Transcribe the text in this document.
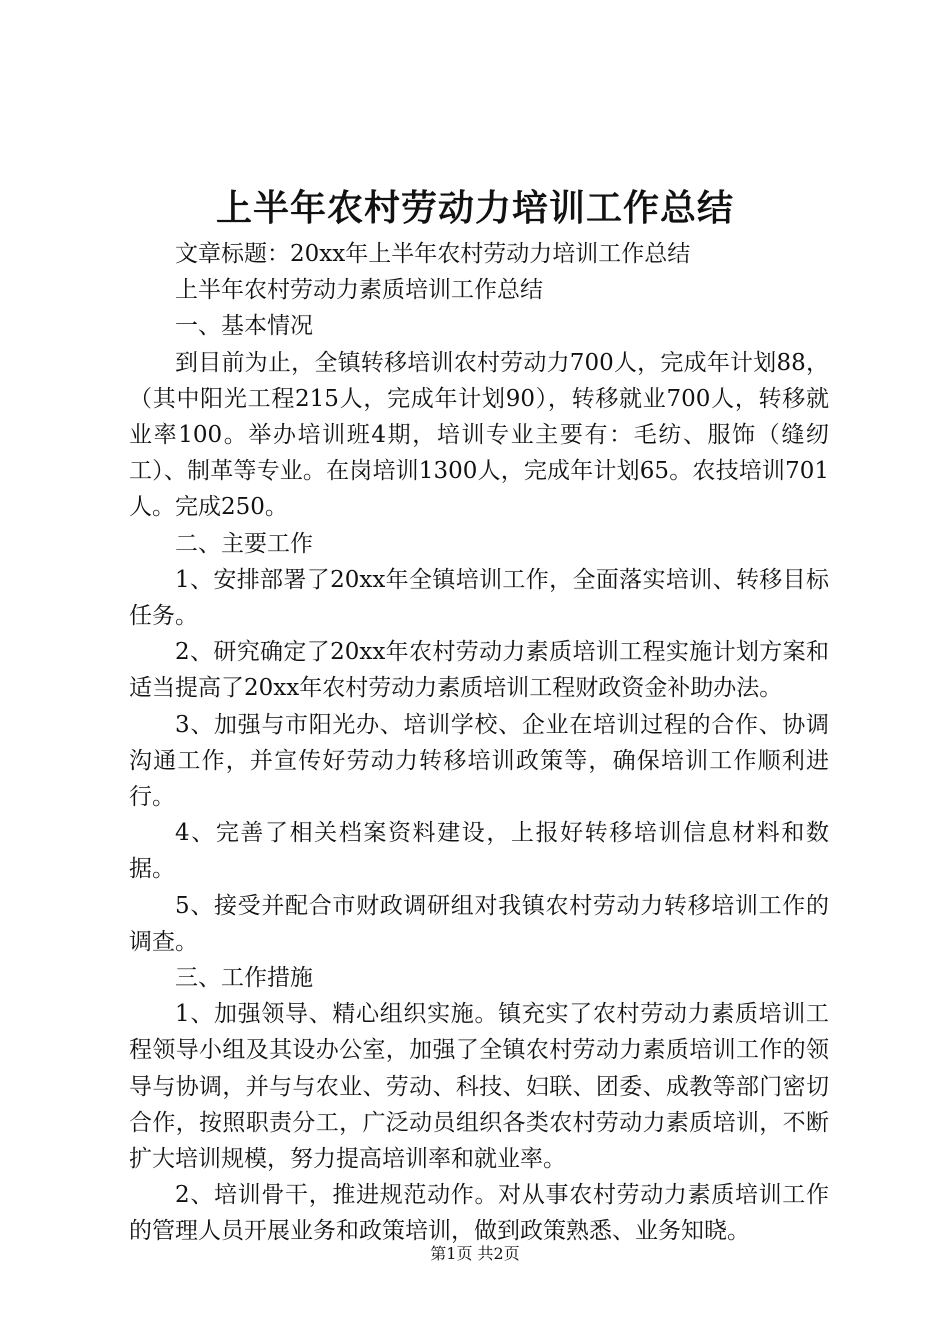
上半年农村劳动力培训工作总结

文章标题：20xx年上半年农村劳动力培训工作总结

上半年农村劳动力素质培训工作总结

一、基本情况

到目前为止，全镇转移培训农村劳动力700人，完成年计划88，（其中阳光工程215人，完成年计划90），转移就业700人，转移就业率100。举办培训班4期，培训专业主要有：毛纺、服饰（缝纫工）、制革等专业。在岗培训1300人，完成年计划65。农技培训701人。完成250。

二、主要工作

1、安排部署了20xx年全镇培训工作，全面落实培训、转移目标任务。

2、研究确定了20xx年农村劳动力素质培训工程实施计划方案和适当提高了20xx年农村劳动力素质培训工程财政资金补助办法。

3、加强与市阳光办、培训学校、企业在培训过程的合作、协调沟通工作，并宣传好劳动力转移培训政策等，确保培训工作顺利进行。

4、完善了相关档案资料建设，上报好转移培训信息材料和数据。

5、接受并配合市财政调研组对我镇农村劳动力转移培训工作的调查。

三、工作措施

1、加强领导、精心组织实施。镇充实了农村劳动力素质培训工程领导小组及其设办公室，加强了全镇农村劳动力素质培训工作的领导与协调，并与与农业、劳动、科技、妇联、团委、成教等部门密切合作，按照职责分工，广泛动员组织各类农村劳动力素质培训，不断扩大培训规模，努力提高培训率和就业率。

2、培训骨干，推进规范动作。对从事农村劳动力素质培训工作的管理人员开展业务和政策培训，做到政策熟悉、业务知晓。

第1页 共2页
